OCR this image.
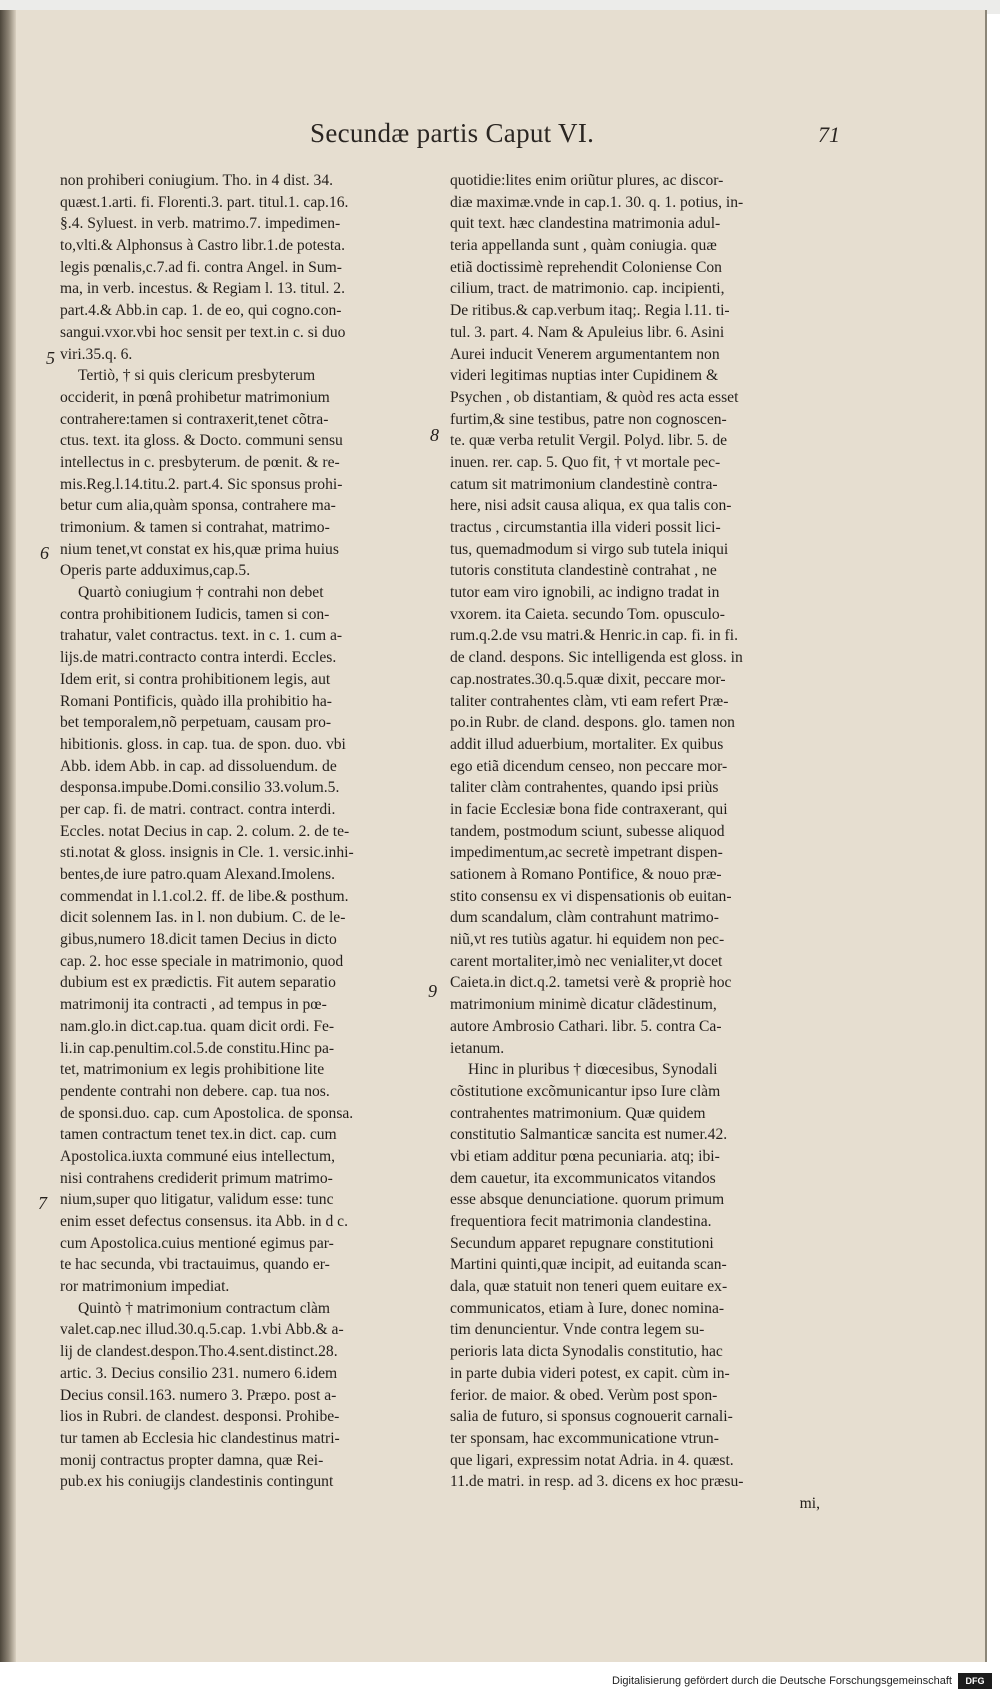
Secundæ partis Caput VI.	71
non prohiberi coniugium. Tho. in 4 dist. 34.
quæst.1.arti. fi. Florenti.3. part. titul.1. cap.16.
§.4. Syluest. in verb. matrimo.7. impedimen-
to,vlti.& Alphonsus à Castro libr.1.de potesta.
legis pœnalis,c.7.ad fi. contra Angel. in Sum-
ma, in verb. incestus. & Regiam l. 13. titul. 2.
part.4.& Abb.in cap. 1. de eo, qui cogno.con-
sangui.vxor.vbi hoc sensit per text.in c. si duo
viri.35.q. 6.
Tertiò, † si quis clericum presbyterum
occiderit, in pœnâ prohibetur matrimonium
contrahere:tamen si contraxerit,tenet cõtra-
ctus. text. ita gloss. & Docto. communi sensu
intellectus in c. presbyterum. de pœnit. & re-
mis.Reg.l.14.titu.2. part.4. Sic sponsus prohi-
betur cum alia,quàm sponsa, contrahere ma-
trimonium. & tamen si contrahat, matrimo-
nium tenet,vt constat ex his,quæ prima huius
Operis parte adduximus,cap.5.
Quartò coniugium † contrahi non debet
contra prohibitionem Iudicis, tamen si con-
trahatur, valet contractus. text. in c. 1. cum a-
lijs.de matri.contracto contra interdi. Eccles.
Idem erit, si contra prohibitionem legis, aut
Romani Pontificis, quàdo illa prohibitio ha-
bet temporalem,nõ perpetuam, causam pro-
hibitionis. gloss. in cap. tua. de spon. duo. vbi
Abb. idem Abb. in cap. ad dissoluendum. de
desponsa.impube.Domi.consilio 33.volum.5.
per cap. fi. de matri. contract. contra interdi.
Eccles. notat Decius in cap. 2. colum. 2. de te-
sti.notat & gloss. insignis in Cle. 1. versic.inhi-
bentes,de iure patro.quam Alexand.Imolens.
commendat in l.1.col.2. ff. de libe.& posthum.
dicit solennem Ias. in l. non dubium. C. de le-
gibus,numero 18.dicit tamen Decius in dicto
cap. 2. hoc esse speciale in matrimonio, quod
dubium est ex prædictis. Fit autem separatio
matrimonij ita contracti , ad tempus in pœ-
nam.glo.in dict.cap.tua. quam dicit ordi. Fe-
li.in cap.penultim.col.5.de constitu.Hinc pa-
tet, matrimonium ex legis prohibitione lite
pendente contrahi non debere. cap. tua nos.
de sponsi.duo. cap. cum Apostolica. de sponsa.
tamen contractum tenet tex.in dict. cap. cum
Apostolica.iuxta communé eius intellectum,
nisi contrahens crediderit primum matrimo-
nium,super quo litigatur, validum esse: tunc
enim esset defectus consensus. ita Abb. in d c.
cum Apostolica.cuius mentioné egimus par-
te hac secunda, vbi tractauimus, quando er-
ror matrimonium impediat.
Quintò † matrimonium contractum clàm
valet.cap.nec illud.30.q.5.cap. 1.vbi Abb.& a-
lij de clandest.despon.Tho.4.sent.distinct.28.
artic. 3. Decius consilio 231. numero 6.idem
Decius consil.163. numero 3. Præpo. post a-
lios in Rubri. de clandest. desponsi. Prohibe-
tur tamen ab Ecclesia hic clandestinus matri-
monij contractus propter damna, quæ Rei-
pub.ex his coniugijs clandestinis contingunt
quotidie:lites enim oriũtur plures, ac discor-
diæ maximæ.vnde in cap.1. 30. q. 1. potius, in-
quit text. hæc clandestina matrimonia adul-
teria appellanda sunt , quàm coniugia. quæ
etiã doctissimè reprehendit Coloniense Con
cilium, tract. de matrimonio. cap. incipienti,
De ritibus.& cap.verbum itaq;. Regia l.11. ti-
tul. 3. part. 4. Nam & Apuleius libr. 6. Asini
Aurei inducit Venerem argumentantem non
videri legitimas nuptias inter Cupidinem &
Psychen , ob distantiam, & quòd res acta esset
furtim,& sine testibus, patre non cognoscen-
te. quæ verba retulit Vergil. Polyd. libr. 5. de
inuen. rer. cap. 5. Quo fit, † vt mortale pec-
catum sit matrimonium clandestinè contra-
here, nisi adsit causa aliqua, ex qua talis con-
tractus , circumstantia illa videri possit lici-
tus, quemadmodum si virgo sub tutela iniqui
tutoris constituta clandestinè contrahat , ne
tutor eam viro ignobili, ac indigno tradat in
vxorem. ita Caieta. secundo Tom. opusculo-
rum.q.2.de vsu matri.& Henric.in cap. fi. in fi.
de cland. despons. Sic intelligenda est gloss. in
cap.nostrates.30.q.5.quæ dixit, peccare mor-
taliter contrahentes clàm, vti eam refert Præ-
po.in Rubr. de cland. despons. glo. tamen non
addit illud aduerbium, mortaliter. Ex quibus
ego etiã dicendum censeo, non peccare mor-
taliter clàm contrahentes, quando ipsi priùs
in facie Ecclesiæ bona fide contraxerant, qui
tandem, postmodum sciunt, subesse aliquod
impedimentum,ac secretè impetrant dispen-
sationem à Romano Pontifice, & nouo præ-
stito consensu ex vi dispensationis ob euitan-
dum scandalum, clàm contrahunt matrimo-
niũ,vt res tutiùs agatur. hi equidem non pec-
carent mortaliter,imò nec venialiter,vt docet
Caieta.in dict.q.2. tametsi verè & propriè hoc
matrimonium minimè dicatur clãdestinum,
autore Ambrosio Cathari. libr. 5. contra Ca-
ietanum.
Hinc in pluribus † diœcesibus, Synodali
cõstitutione excõmunicantur ipso Iure clàm
contrahentes matrimonium. Quæ quidem
constitutio Salmanticæ sancita est numer.42.
vbi etiam additur pœna pecuniaria. atq; ibi-
dem cauetur, ita excommunicatos vitandos
esse absque denunciatione. quorum primum
frequentiora fecit matrimonia clandestina.
Secundum apparet repugnare constitutioni
Martini quinti,quæ incipit, ad euitanda scan-
dala, quæ statuit non teneri quem euitare ex-
communicatos, etiam à Iure, donec nomina-
tim denuncientur. Vnde contra legem su-
perioris lata dicta Synodalis constitutio, hac
in parte dubia videri potest, ex capit. cùm in-
ferior. de maior. & obed. Verùm post spon-
salia de futuro, si sponsus cognouerit carnali-
ter sponsam, hac excommunicatione vtrun-
que ligari, expressim notat Adria. in 4. quæst.
11.de matri. in resp. ad 3. dicens ex hoc præsu-
mi,
5
6
7
8
9
Digitalisierung gefördert durch die Deutsche Forschungsgemeinschaft	DFG
